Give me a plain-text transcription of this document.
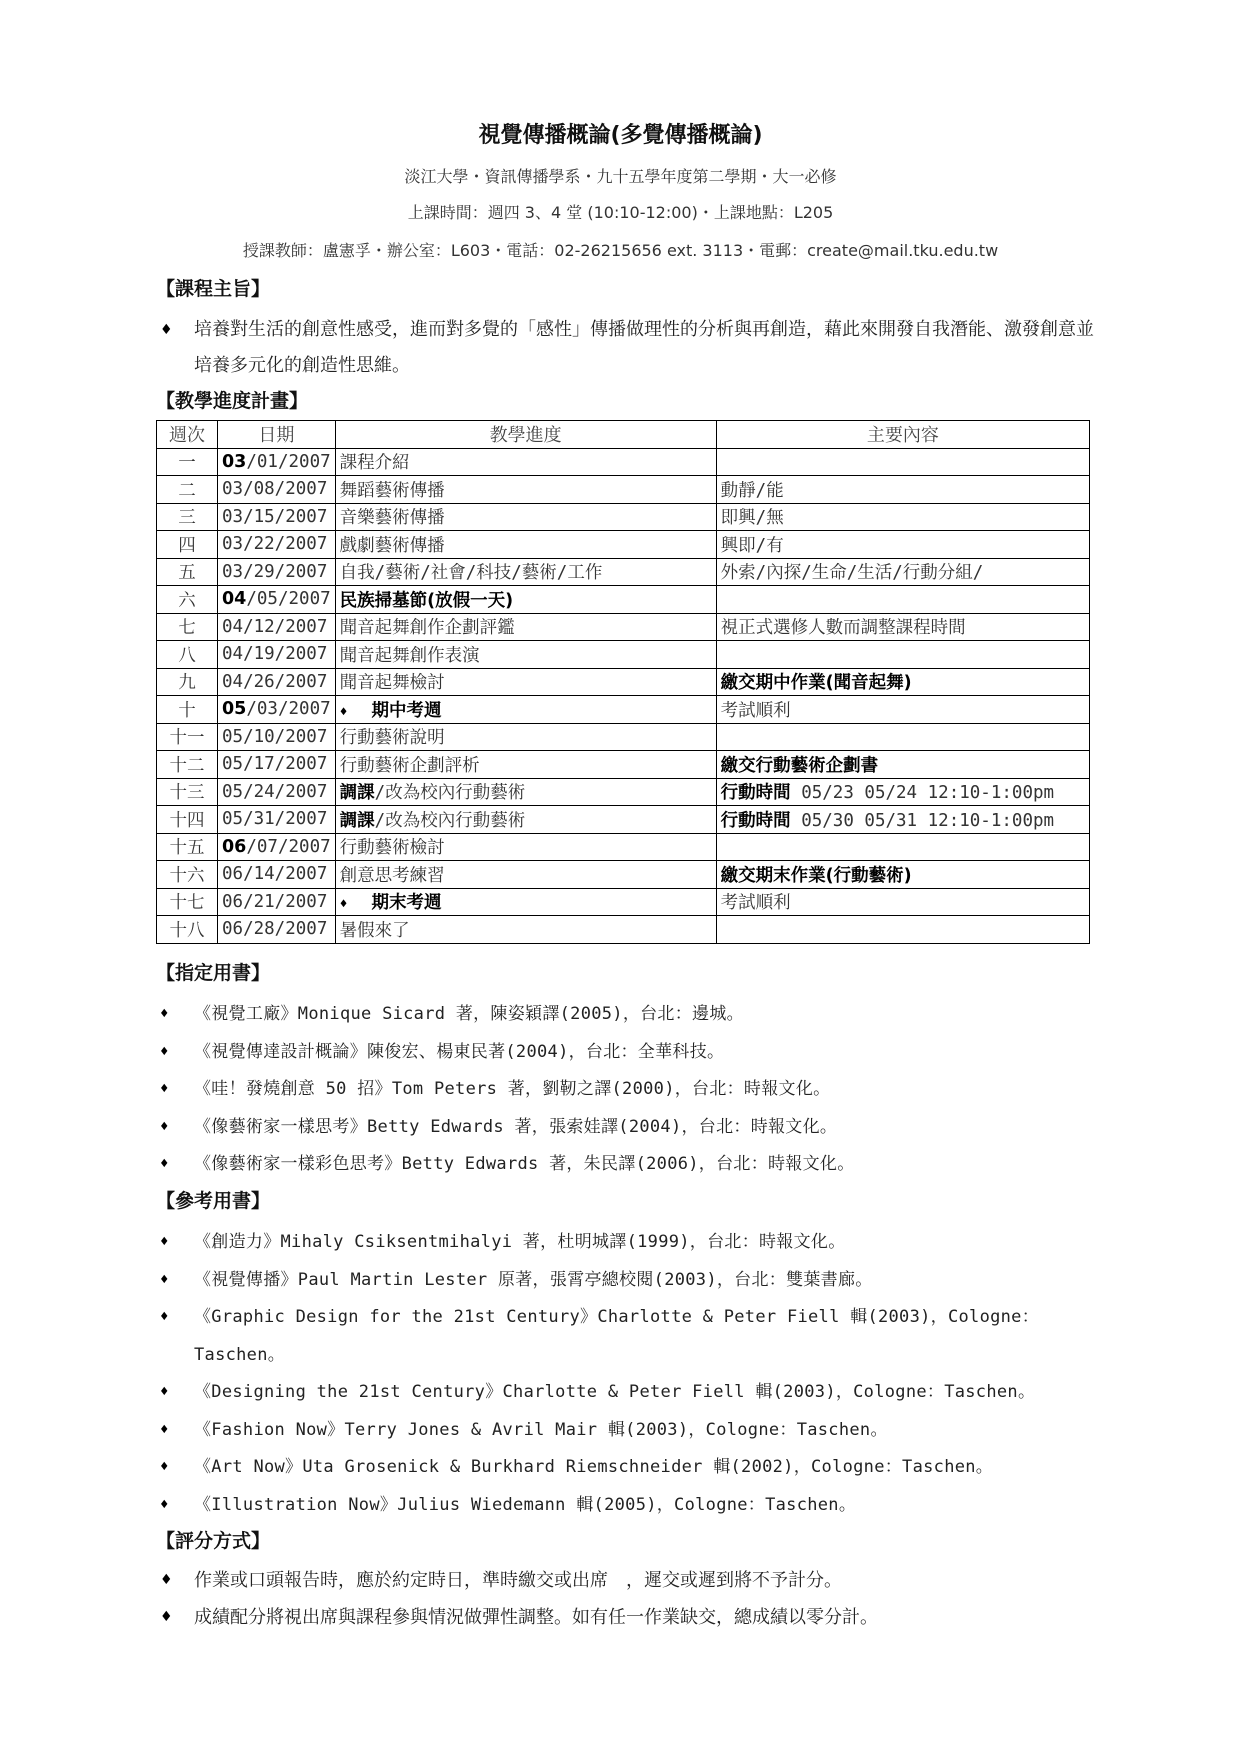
視覺傳播概論(多覺傳播概論)
淡江大學・資訊傳播學系・九十五學年度第二學期・大一必修
上課時間：週四 3、4 堂 (10:10-12:00)・上課地點：L205
授課教師：盧憲孚・辦公室：L603・電話：02-26215656 ext. 3113・電郵：create@mail.tku.edu.tw
【課程主旨】
♦ 培養對生活的創意性感受，進而對多覺的「感性」傳播做理性的分析與再創造，藉此來開發自我潛能、激發創意並培養多元化的創造性思維。
【教學進度計畫】
週次	日期	教學進度	主要內容
一	03/01/2007	課程介紹	
二	03/08/2007	舞蹈藝術傳播	動靜/能
三	03/15/2007	音樂藝術傳播	即興/無
四	03/22/2007	戲劇藝術傳播	興即/有
五	03/29/2007	自我/藝術/社會/科技/藝術/工作	外索/內探/生命/生活/行動分組/
六	04/05/2007	民族掃墓節(放假一天)	
七	04/12/2007	聞音起舞創作企劃評鑑	視正式選修人數而調整課程時間
八	04/19/2007	聞音起舞創作表演	
九	04/26/2007	聞音起舞檢討	繳交期中作業(聞音起舞)
十	05/03/2007	♦ 期中考週	考試順利
十一	05/10/2007	行動藝術說明	
十二	05/17/2007	行動藝術企劃評析	繳交行動藝術企劃書
十三	05/24/2007	調課/改為校內行動藝術	行動時間 05/23 05/24 12:10-1:00pm
十四	05/31/2007	調課/改為校內行動藝術	行動時間 05/30 05/31 12:10-1:00pm
十五	06/07/2007	行動藝術檢討	
十六	06/14/2007	創意思考練習	繳交期末作業(行動藝術)
十七	06/21/2007	♦ 期末考週	考試順利
十八	06/28/2007	暑假來了	
【指定用書】
♦ 《視覺工廠》Monique Sicard 著，陳姿穎譯(2005)，台北：邊城。
♦ 《視覺傳達設計概論》陳俊宏、楊東民著(2004)，台北：全華科技。
♦ 《哇！發燒創意 50 招》Tom Peters 著，劉靭之譯(2000)，台北：時報文化。
♦ 《像藝術家一樣思考》Betty Edwards 著，張索娃譯(2004)，台北：時報文化。
♦ 《像藝術家一樣彩色思考》Betty Edwards 著，朱民譯(2006)，台北：時報文化。
【參考用書】
♦ 《創造力》Mihaly Csiksentmihalyi 著，杜明城譯(1999)，台北：時報文化。
♦ 《視覺傳播》Paul Martin Lester 原著，張霄亭總校閱(2003)，台北：雙葉書廊。
♦ 《Graphic Design for the 21st Century》Charlotte & Peter Fiell 輯(2003)，Cologne：Taschen。
♦ 《Designing the 21st Century》Charlotte & Peter Fiell 輯(2003)，Cologne：Taschen。
♦ 《Fashion Now》Terry Jones & Avril Mair 輯(2003)，Cologne：Taschen。
♦ 《Art Now》Uta Grosenick & Burkhard Riemschneider 輯(2002)，Cologne：Taschen。
♦ 《Illustration Now》Julius Wiedemann 輯(2005)，Cologne：Taschen。
【評分方式】
♦ 作業或口頭報告時，應於約定時日，準時繳交或出席　，遲交或遲到將不予計分。
♦ 成績配分將視出席與課程參與情況做彈性調整。如有任一作業缺交，總成績以零分計。
